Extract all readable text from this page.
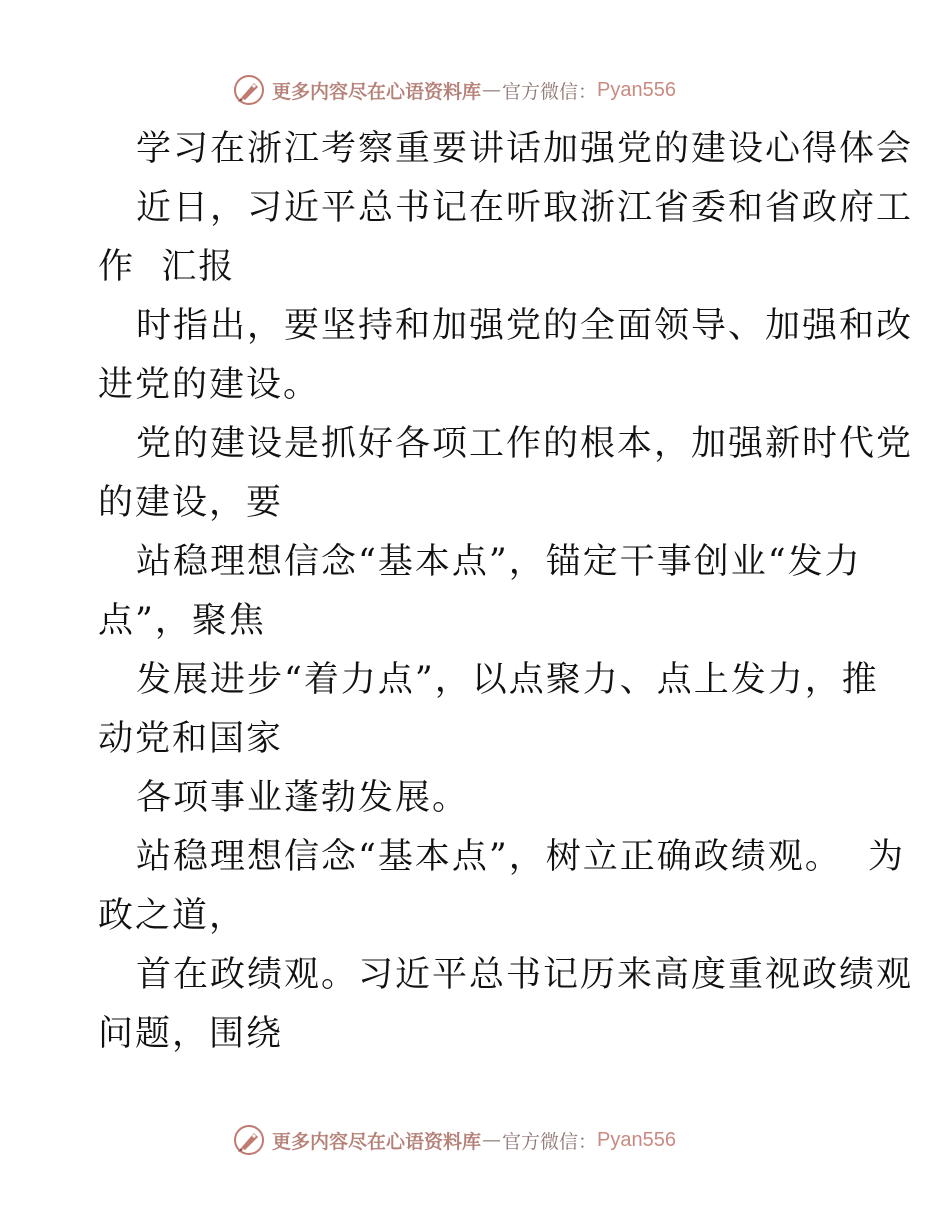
更多内容尽在心语资料库 — 官方微信： Pyan556
学习在浙江考察重要讲话加强党的建设心得体会
近日，习近平总书记在听取浙江省委和省政府工
作  汇报
时指出，要坚持和加强党的全面领导、加强和改
进党的建设。
党的建设是抓好各项工作的根本，加强新时代党
的建设，要
站稳理想信念“基本点”，锚定干事创业“发力
点”，聚焦
发展进步“着力点”，以点聚力、点上发力，推
动党和国家
各项事业蓬勃发展。
站稳理想信念“基本点”，树立正确政绩观。  为
政之道，
首在政绩观。习近平总书记历来高度重视政绩观
问题，围绕
更多内容尽在心语资料库 — 官方微信： Pyan556
